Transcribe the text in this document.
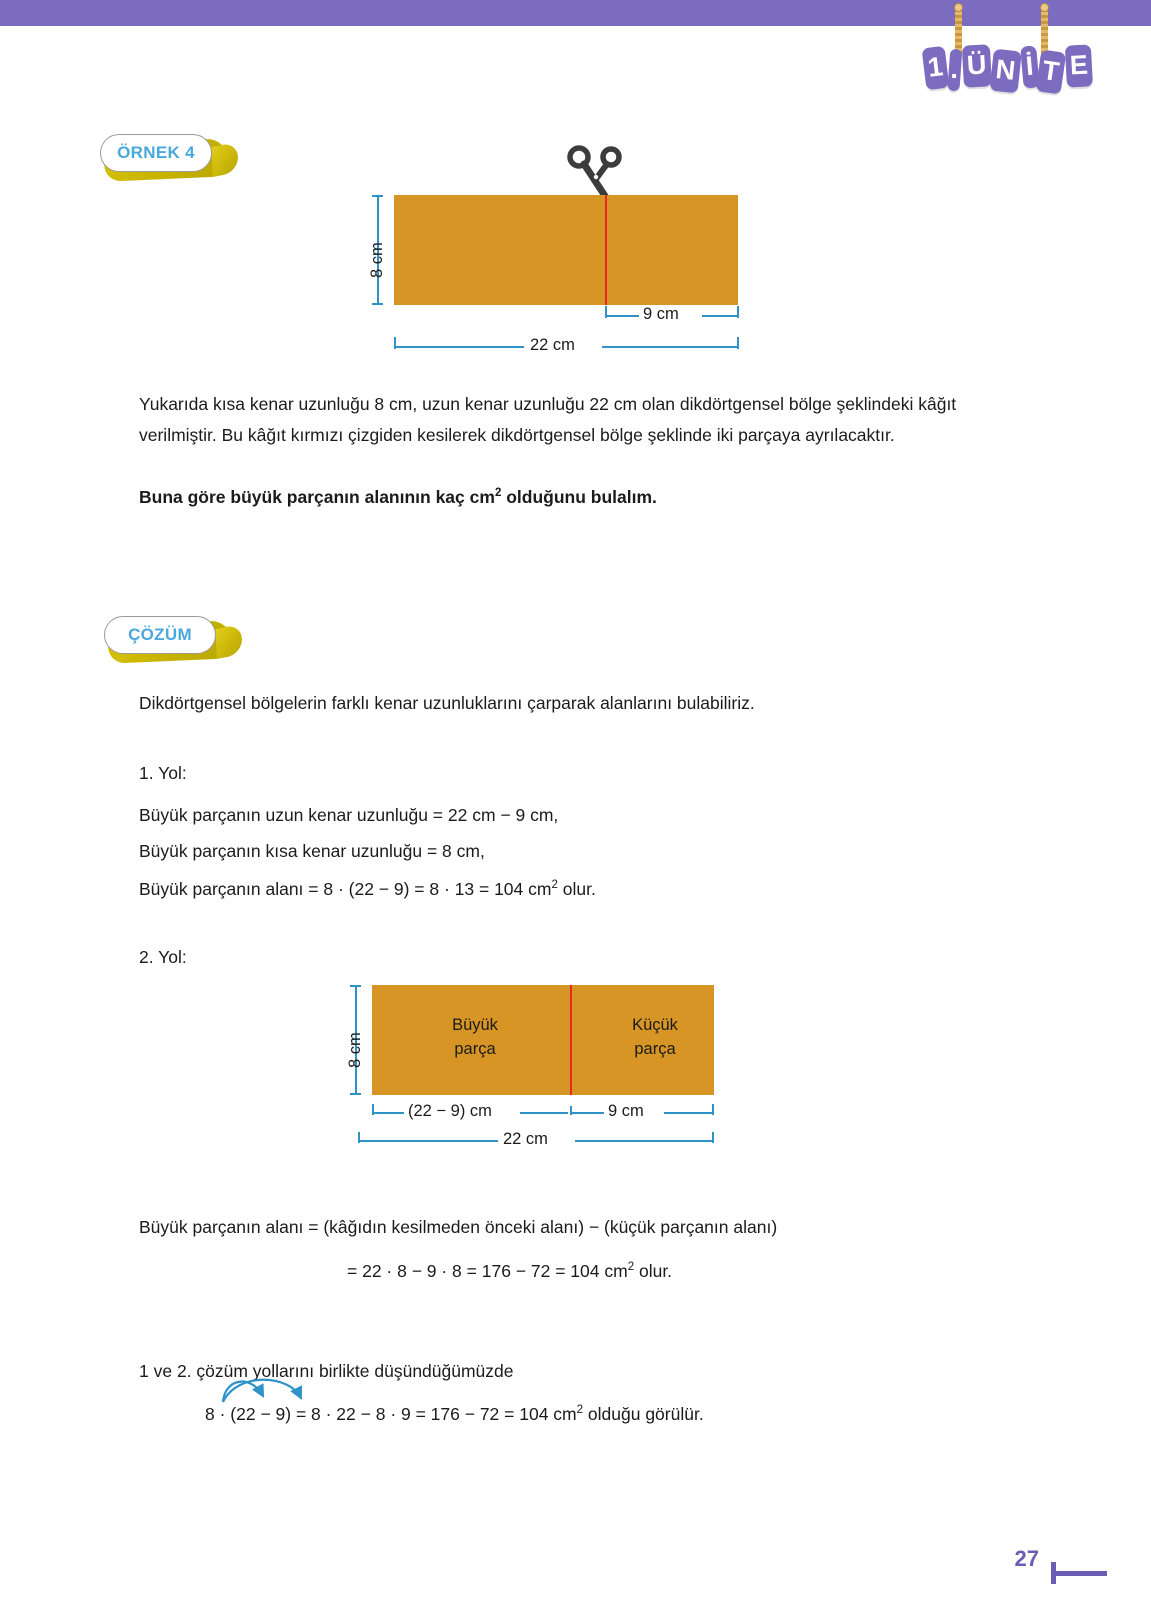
1 . Ü N İ T E
ÖRNEK 4
8 cm
9 cm
22 cm
Yukarıda kısa kenar uzunluğu 8 cm, uzun kenar uzunluğu 22 cm olan dikdörtgensel bölge şeklindeki kâğıt verilmiştir. Bu kâğıt kırmızı çizgiden kesilerek dikdörtgensel bölge şeklinde iki parçaya ayrılacaktır.
Buna göre büyük parçanın alanının kaç $cm^2$ olduğunu bulalım.
ÇÖZÜM
Dikdörtgensel bölgelerin farklı kenar uzunluklarını çarparak alanlarını bulabiliriz.
1. Yol:
Büyük parçanın uzun kenar uzunluğu = 22 cm − 9 cm,
Büyük parçanın kısa kenar uzunluğu = 8 cm,
Büyük parçanın alanı = 8 · (22 − 9) = 8 · 13 = 104 $cm^2$ olur.
2. Yol:
Büyük
parça
Küçük
parça
8 cm
(22 − 9) cm	9 cm
22 cm
Büyük parçanın alanı = (kâğıdın kesilmeden önceki alanı) − (küçük parçanın alanı)
= 22 · 8 − 9 · 8 = 176 − 72 = 104 $cm^2$ olur.
1 ve 2. çözüm yollarını birlikte düşündüğümüzde
8 · (22 − 9) = 8 · 22 − 8 · 9 = 176 − 72 = 104 $cm^2$ olduğu görülür.
27
